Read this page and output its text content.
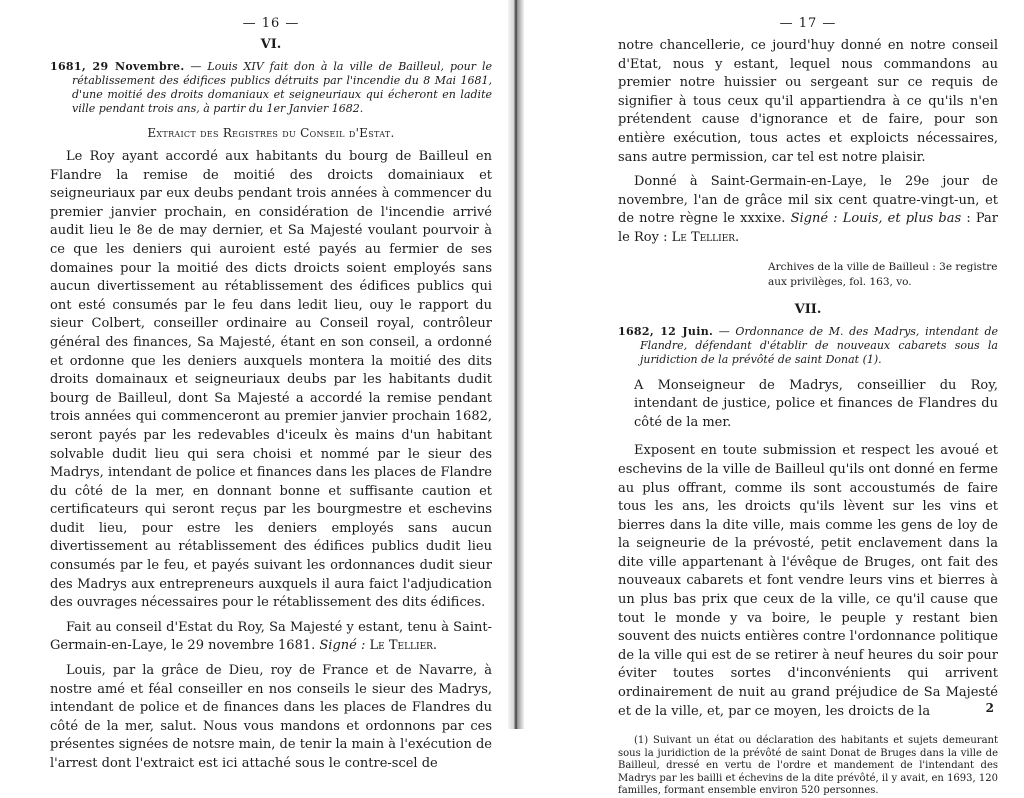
— 16 —
VI.

1681, 29 Novembre. — Louis XIV fait don à la ville de Bailleul, pour le rétablissement des édifices publics détruits par l'incendie du 8 Mai 1681, d'une moitié des droits domaniaux et seigneuriaux qui écheront en ladite ville pendant trois ans, à partir du 1er Janvier 1682.

Extraict des Registres du Conseil d'Estat.

Le Roy ayant accordé aux habitants du bourg de Bailleul en Flandre la remise de moitié des droicts domainiaux et seigneuriaux par eux deubs pendant trois années à commencer du premier janvier prochain, en considération de l'incendie arrivé audit lieu le 8e de may dernier, et Sa Majesté voulant pourvoir à ce que les deniers qui auroient esté payés au fermier de ses domaines pour la moitié des dicts droicts soient employés sans aucun divertissement au rétablissement des édifices publics qui ont esté consumés par le feu dans ledit lieu, ouy le rapport du sieur Colbert, conseiller ordinaire au Conseil royal, contrôleur général des finances, Sa Majesté, étant en son conseil, a ordonné et ordonne que les deniers auxquels montera la moitié des dits droits domainaux et seigneuriaux deubs par les habitants dudit bourg de Bailleul, dont Sa Majesté a accordé la remise pendant trois années qui commenceront au premier janvier prochain 1682, seront payés par les redevables d'iceulx ès mains d'un habitant solvable dudit lieu qui sera choisi et nommé par le sieur des Madrys, intendant de police et finances dans les places de Flandre du côté de la mer, en donnant bonne et suffisante caution et certificateurs qui seront reçus par les bourgmestre et eschevins dudit lieu, pour estre les deniers employés sans aucun divertissement au rétablissement des édifices publics dudit lieu consumés par le feu, et payés suivant les ordonnances dudit sieur des Madrys aux entrepreneurs auxquels il aura faict l'adjudication des ouvrages nécessaires pour le rétablissement des dits édifices.

Fait au conseil d'Estat du Roy, Sa Majesté y estant, tenu à Saint-Germain-en-Laye, le 29 novembre 1681. Signé : Le Tellier.

Louis, par la grâce de Dieu, roy de France et de Navarre, à nostre amé et féal conseiller en nos conseils le sieur des Madrys, intendant de police et de finances dans les places de Flandres du côté de la mer, salut. Nous vous mandons et ordonnons par ces présentes signées de notsre main, de tenir la main à l'exécution de l'arrest dont l'extraict est ici attaché sous le contre-scel de

— 17 —

notre chancellerie, ce jourd'huy donné en notre conseil d'Etat, nous y estant, lequel nous commandons au premier notre huissier ou sergeant sur ce requis de signifier à tous ceux qu'il appartiendra à ce qu'ils n'en prétendent cause d'ignorance et de faire, pour son entière exécution, tous actes et exploicts nécessaires, sans autre permission, car tel est notre plaisir.

Donné à Saint-Germain-en-Laye, le 29e jour de novembre, l'an de grâce mil six cent quatre-vingt-un, et de notre règne le xxxixe. Signé : Louis, et plus bas : Par le Roy : Le Tellier.

Archives de la ville de Bailleul : 3e registre aux privilèges, fol. 163, vo.
VII.

1682, 12 Juin. — Ordonnance de M. des Madrys, intendant de Flandre, défendant d'établir de nouveaux cabarets sous la juridiction de la prévôté de saint Donat (1).

A Monseigneur de Madrys, conseillier du Roy, intendant de justice, police et finances de Flandres du côté de la mer.

Exposent en toute submission et respect les avoué et eschevins de la ville de Bailleul qu'ils ont donné en ferme au plus offrant, comme ils sont accoustumés de faire tous les ans, les droicts qu'ils lèvent sur les vins et bierres dans la dite ville, mais comme les gens de loy de la seigneurie de la prévosté, petit enclavement dans la dite ville appartenant à l'évêque de Bruges, ont fait des nouveaux cabarets et font vendre leurs vins et bierres à un plus bas prix que ceux de la ville, ce qu'il cause que tout le monde y va boire, le peuple y restant bien souvent des nuicts entières contre l'ordonnance politique de la ville qui est de se retirer à neuf heures du soir pour éviter toutes sortes d'inconvénients qui arrivent ordinairement de nuit au grand préjudice de Sa Majesté et de la ville, et, par ce moyen, les droicts de la

(1) Suivant un état ou déclaration des habitants et sujets demeurant sous la juridiction de la prévôté de saint Donat de Bruges dans la ville de Bailleul, dressé en vertu de l'ordre et mandement de l'intendant des Madrys par les bailli et échevins de la dite prévôté, il y avait, en 1693, 120 familles, formant ensemble environ 520 personnes.

2
